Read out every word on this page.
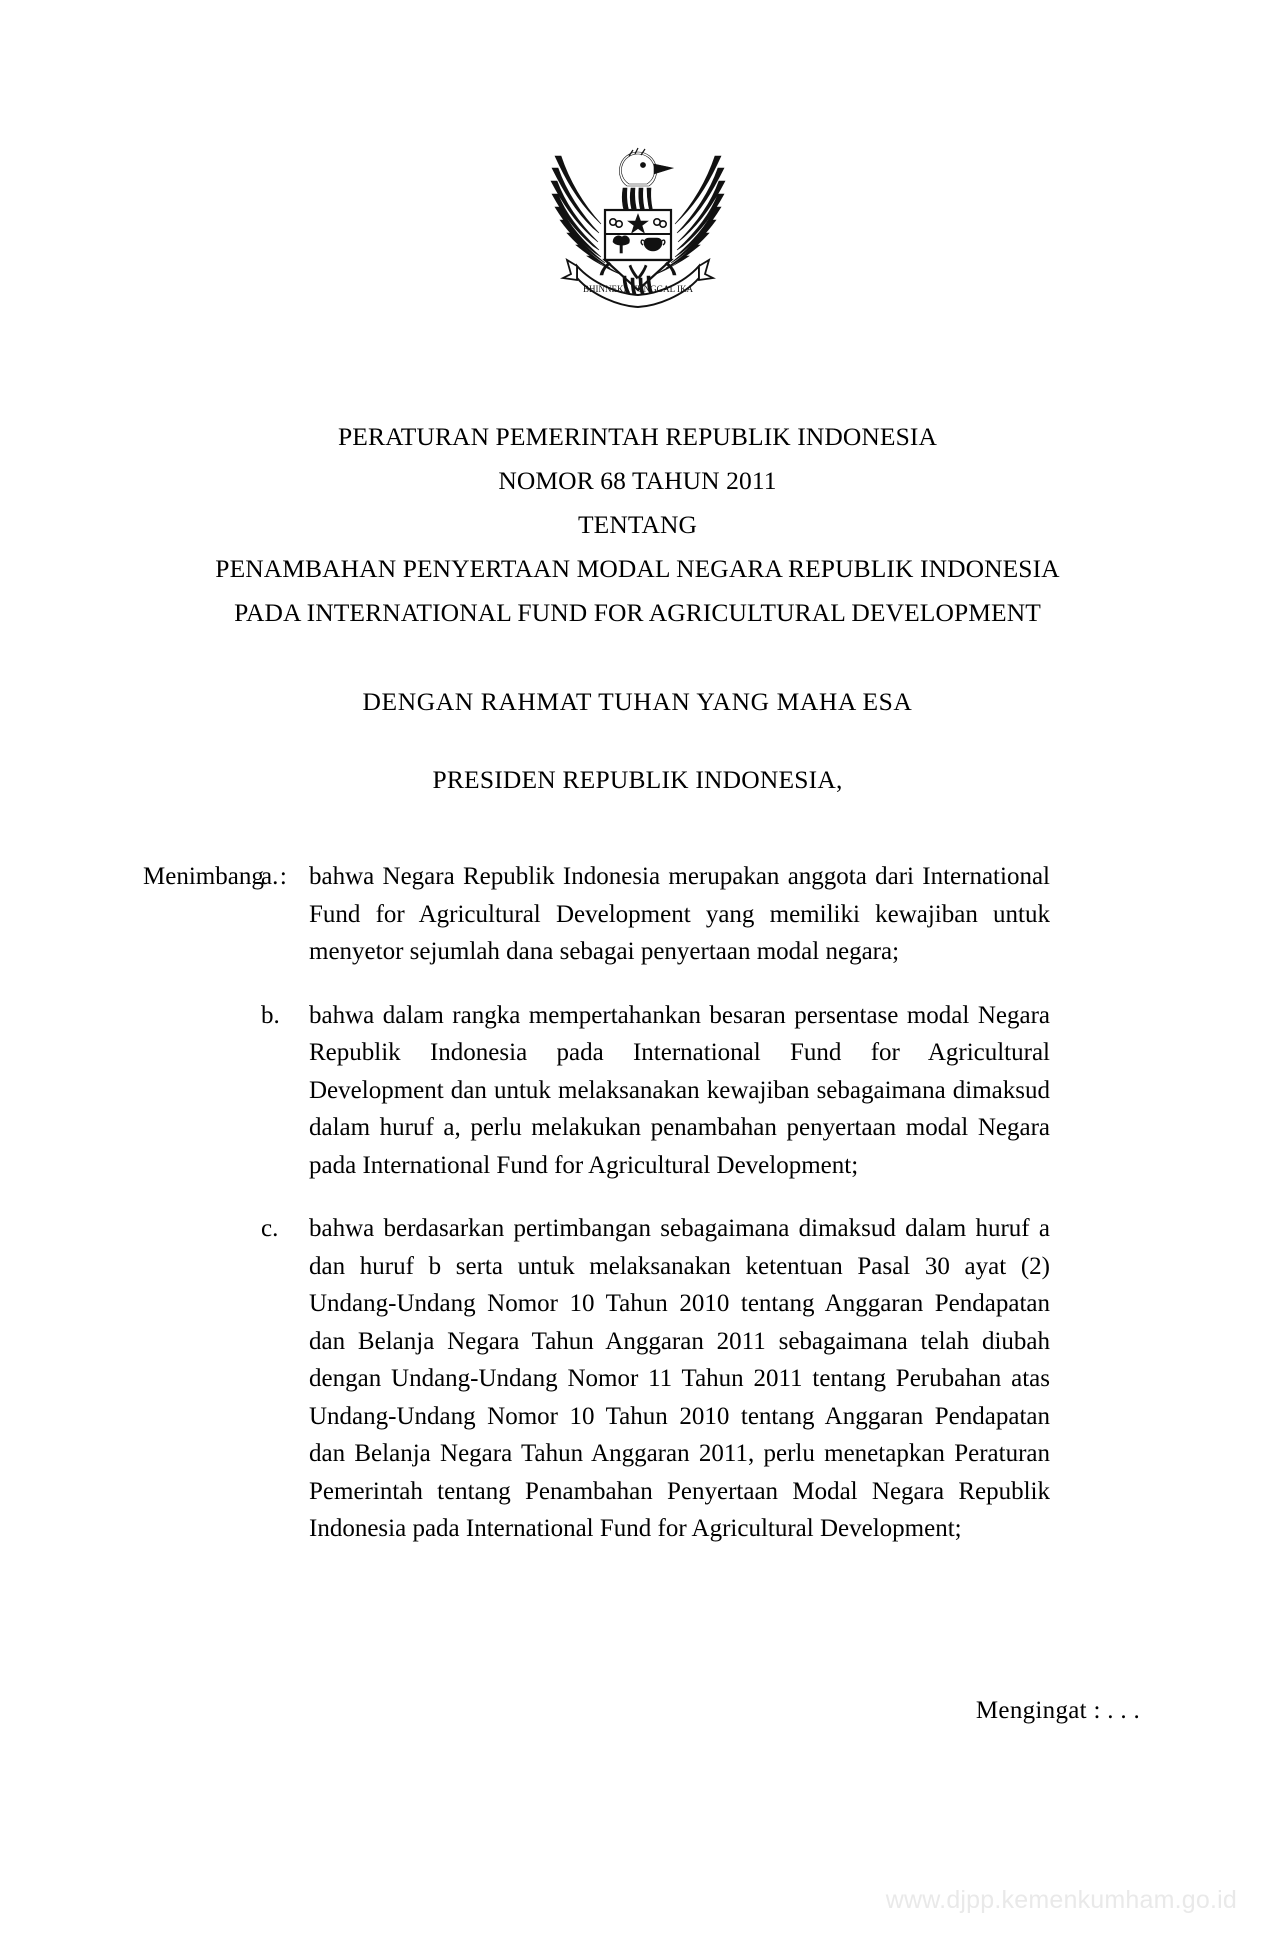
BHINNEKA TUNGGAL IKA
PERATURAN PEMERINTAH REPUBLIK INDONESIA
NOMOR 68 TAHUN 2011
TENTANG
PENAMBAHAN PENYERTAAN MODAL NEGARA REPUBLIK INDONESIA
PADA INTERNATIONAL FUND FOR AGRICULTURAL DEVELOPMENT
DENGAN RAHMAT TUHAN YANG MAHA ESA
PRESIDEN REPUBLIK INDONESIA,
Menimbang :
a.	bahwa Negara Republik Indonesia merupakan anggota dari International Fund for Agricultural Development yang memiliki kewajiban untuk menyetor sejumlah dana sebagai penyertaan modal negara;
b.	bahwa dalam rangka mempertahankan besaran persentase modal Negara Republik Indonesia pada International Fund for Agricultural Development dan untuk melaksanakan kewajiban sebagaimana dimaksud dalam huruf a, perlu melakukan penambahan penyertaan modal Negara pada International Fund for Agricultural Development;
c.	bahwa berdasarkan pertimbangan sebagaimana dimaksud dalam huruf a dan huruf b serta untuk melaksanakan ketentuan Pasal 30 ayat (2) Undang-Undang Nomor 10 Tahun 2010 tentang Anggaran Pendapatan dan Belanja Negara Tahun Anggaran 2011 sebagaimana telah diubah dengan Undang-Undang Nomor 11 Tahun 2011 tentang Perubahan atas Undang-Undang Nomor 10 Tahun 2010 tentang Anggaran Pendapatan dan Belanja Negara Tahun Anggaran 2011, perlu menetapkan Peraturan Pemerintah tentang Penambahan Penyertaan Modal Negara Republik Indonesia pada International Fund for Agricultural Development;
Mengingat : . . .
www.djpp.kemenkumham.go.id
